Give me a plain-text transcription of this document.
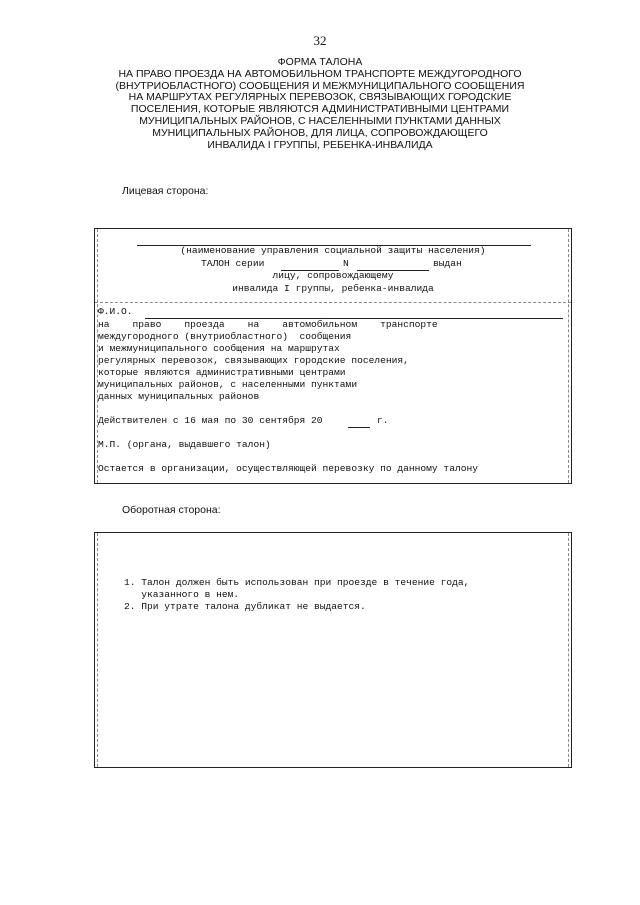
32
ФОРМА ТАЛОНА
НА ПРАВО ПРОЕЗДА НА АВТОМОБИЛЬНОМ ТРАНСПОРТЕ МЕЖДУГОРОДНОГО
(ВНУТРИОБЛАСТНОГО) СООБЩЕНИЯ И МЕЖМУНИЦИПАЛЬНОГО СООБЩЕНИЯ
НА МАРШРУТАХ РЕГУЛЯРНЫХ ПЕРЕВОЗОК, СВЯЗЫВАЮЩИХ ГОРОДСКИЕ
ПОСЕЛЕНИЯ, КОТОРЫЕ ЯВЛЯЮТСЯ АДМИНИСТРАТИВНЫМИ ЦЕНТРАМИ
МУНИЦИПАЛЬНЫХ РАЙОНОВ, С НАСЕЛЕННЫМИ ПУНКТАМИ ДАННЫХ
МУНИЦИПАЛЬНЫХ РАЙОНОВ, ДЛЯ ЛИЦА, СОПРОВОЖДАЮЩЕГО
ИНВАЛИДА I ГРУППЫ, РЕБЕНКА-ИНВАЛИДА
Лицевая сторона:
(наименование управления социальной защиты населения)
ТАЛОН серии	N	выдан
лицу, сопровождающему
инвалида I группы, ребенка-инвалида
Ф.И.О.
на    право    проезда    на    автомобильном    транспорте
междугородного (внутриобластного)  сообщения
и межмуниципального сообщения на маршрутах
регулярных перевозок, связывающих городские поселения,
которые являются административными центрами
муниципальных районов, с населенными пунктами
данных муниципальных районов
Действителен с 16 мая по 30 сентября 20	г.
М.П. (органа, выдавшего талон)
Остается в организации, осуществляющей перевозку по данному талону
Оборотная сторона:
1. Талон должен быть использован при проезде в течение года,
указанного в нем.
2. При утрате талона дубликат не выдается.
